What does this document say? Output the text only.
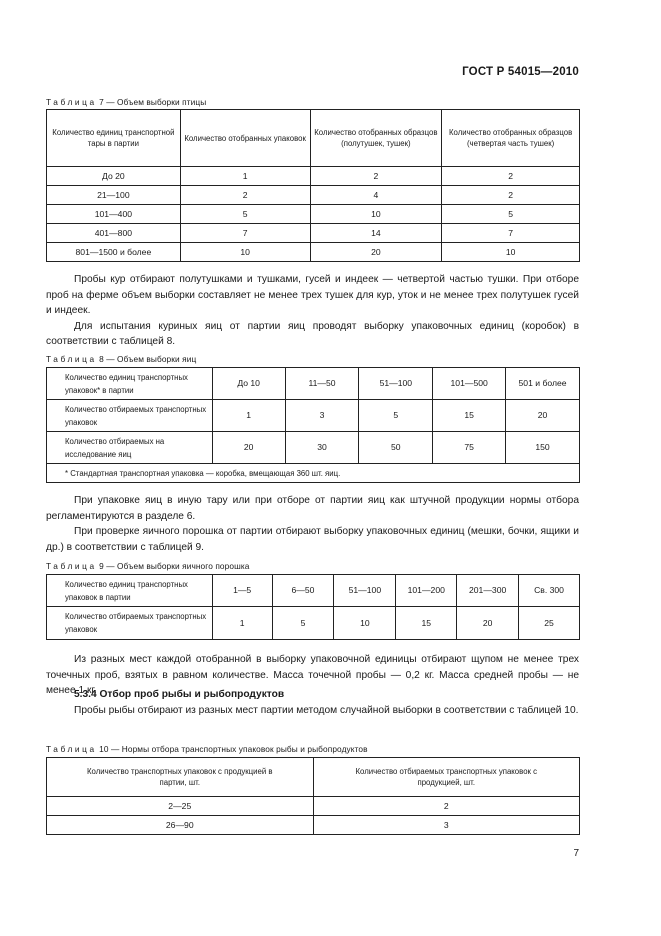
ГОСТ Р 54015—2010
Таблица 7 — Объем выборки птицы
Количество единиц транспортной тары в партии	Количество отобранных упаковок	Количество отобранных образцов (полутушек, тушек)	Количество отобранных образцов (четвертая часть тушек)
До 20	1	2	2
21—100	2	4	2
101—400	5	10	5
401—800	7	14	7
801—1500 и более	10	20	10

Пробы кур отбирают полутушками и тушками, гусей и индеек — четвертой частью тушки. При отборе проб на ферме объем выборки составляет не менее трех тушек для кур, уток и не менее трех полутушек гусей и индеек.

Для испытания куриных яиц от партии яиц проводят выборку упаковочных единиц (коробок) в соответствии с таблицей 8.

Таблица 8 — Объем выборки яиц
Количество единиц транспортных упаковок* в партии	До 10	11—50	51—100	101—500	501 и более
Количество отбираемых транспортных упаковок	1	3	5	15	20
Количество отбираемых на исследование яиц	20	30	50	75	150
* Стандартная транспортная упаковка — коробка, вмещающая 360 шт. яиц.					

При упаковке яиц в иную тару или при отборе от партии яиц как штучной продукции нормы отбора регламентируются в разделе 6.

При проверке яичного порошка от партии отбирают выборку упаковочных единиц (мешки, бочки, ящики и др.) в соответствии с таблицей 9.

Таблица 9 — Объем выборки яичного порошка
Количество единиц транспортных упаковок в партии	1—5	6—50	51—100	101—200	201—300	Св. 300
Количество отбираемых транспортных упаковок	1	5	10	15	20	25

Из разных мест каждой отобранной в выборку упаковочной единицы отбирают щупом не менее трех точечных проб, взятых в равном количестве. Масса точечной пробы — 0,2 кг. Масса средней пробы — не менее 1 кг.

5.3.4 Отбор проб рыбы и рыбопродуктов

Пробы рыбы отбирают из разных мест партии методом случайной выборки в соответствии с таблицей 10.

Таблица 10 — Нормы отбора транспортных упаковок рыбы и рыбопродуктов
Количество транспортных упаковок с продукцией в партии, шт.	Количество отбираемых транспортных упаковок с продукцией, шт.
2—25	2
26—90	3
7
